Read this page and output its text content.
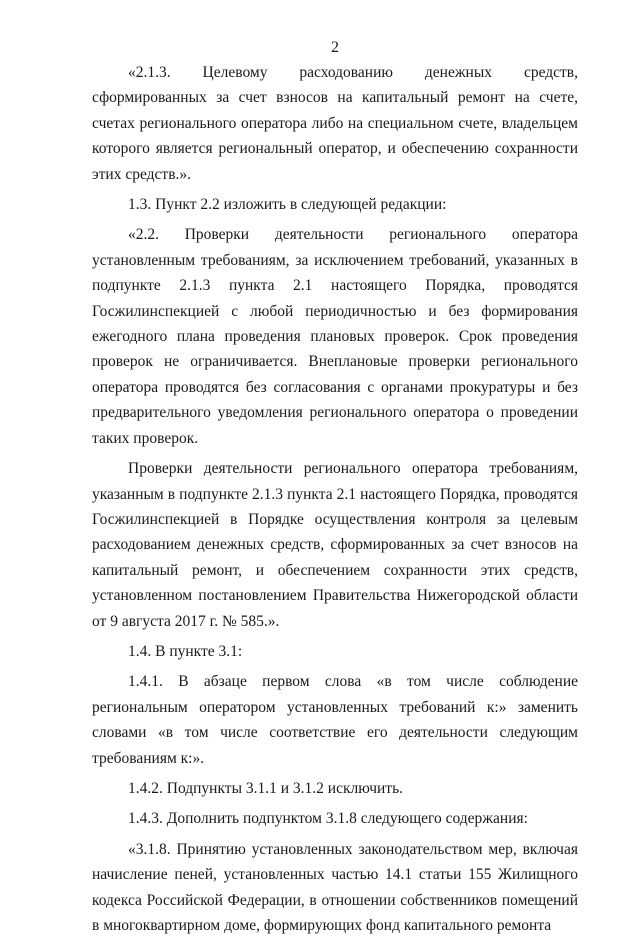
2

«2.1.3. Целевому расходованию денежных средств, сформированных за счет взносов на капитальный ремонт на счете, счетах регионального оператора либо на специальном счете, владельцем которого является региональный оператор, и обеспечению сохранности этих средств.».

1.3. Пункт 2.2 изложить в следующей редакции:

«2.2. Проверки деятельности регионального оператора установленным требованиям, за исключением требований, указанных в подпункте 2.1.3 пункта 2.1 настоящего Порядка, проводятся Госжилинспекцией с любой периодичностью и без формирования ежегодного плана проведения плановых проверок. Срок проведения проверок не ограничивается. Внеплановые проверки регионального оператора проводятся без согласования с органами прокуратуры и без предварительного уведомления регионального оператора о проведении таких проверок.

Проверки деятельности регионального оператора требованиям, указанным в подпункте 2.1.3 пункта 2.1 настоящего Порядка, проводятся Госжилинспекцией в Порядке осуществления контроля за целевым расходованием денежных средств, сформированных за счет взносов на капитальный ремонт, и обеспечением сохранности этих средств, установленном постановлением Правительства Нижегородской области от 9 августа 2017 г. № 585.».

1.4. В пункте 3.1:

1.4.1. В абзаце первом слова «в том числе соблюдение региональным оператором установленных требований к:» заменить словами «в том числе соответствие его деятельности следующим требованиям к:».

1.4.2. Подпункты 3.1.1 и 3.1.2 исключить.

1.4.3. Дополнить подпунктом 3.1.8 следующего содержания:

«3.1.8. Принятию установленных законодательством мер, включая начисление пеней, установленных частью 14.1 статьи 155 Жилищного кодекса Российской Федерации, в отношении собственников помещений в многоквартирном доме, формирующих фонд капитального ремонта
